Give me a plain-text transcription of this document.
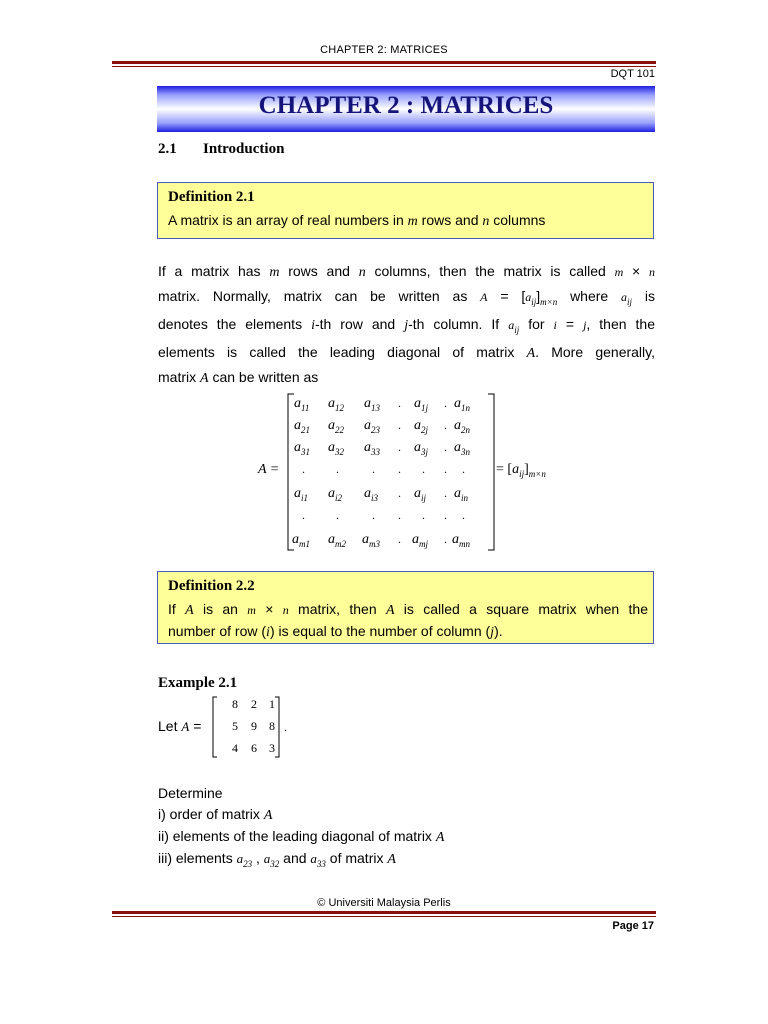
CHAPTER 2: MATRICES
DQT 101
CHAPTER 2 : MATRICES
2.1 Introduction
Definition 2.1
A matrix is an array of real numbers in m rows and n columns
If a matrix has m rows and n columns, then the matrix is called m × n
matrix. Normally, matrix can be written as $A = [a_{ij}]_{m\times n}$ where $a_{ij}$ is
denotes the elements i-th row and j-th column. If $a_{ij}$ for i = j, then the
elements is called the leading diagonal of matrix A. More generally,
matrix A can be written as
A =
$a_{11}$ $a_{12}$ $a_{13}$ . $a_{1j}$ . $a_{1n}$
$a_{21}$ $a_{22}$ $a_{23}$ . $a_{2j}$ . $a_{2n}$
$a_{31}$ $a_{32}$ $a_{33}$ . $a_{3j}$ . $a_{3n}$
.	.	. . . . .
$a_{i1}$ $a_{i2}$ $a_{i3}$ . $a_{ij}$ . $a_{in}$
.	.	. . . . .
$a_{m1}$ $a_{m2}$ $a_{m3}$ . $a_{mj}$ . $a_{mn}$
= $[a_{ij}]_{m\times n}$
Definition 2.2
If A is an m × n matrix, then A is called a square matrix when the
number of row (i) is equal to the number of column (j).
Example 2.1
Let A =
8 2 1
5 9 8
4 6 3
.
Determine
i) order of matrix A
ii) elements of the leading diagonal of matrix A
iii) elements $a_{23}$ , $a_{32}$ and $a_{33}$ of matrix A
© Universiti Malaysia Perlis
Page 17
